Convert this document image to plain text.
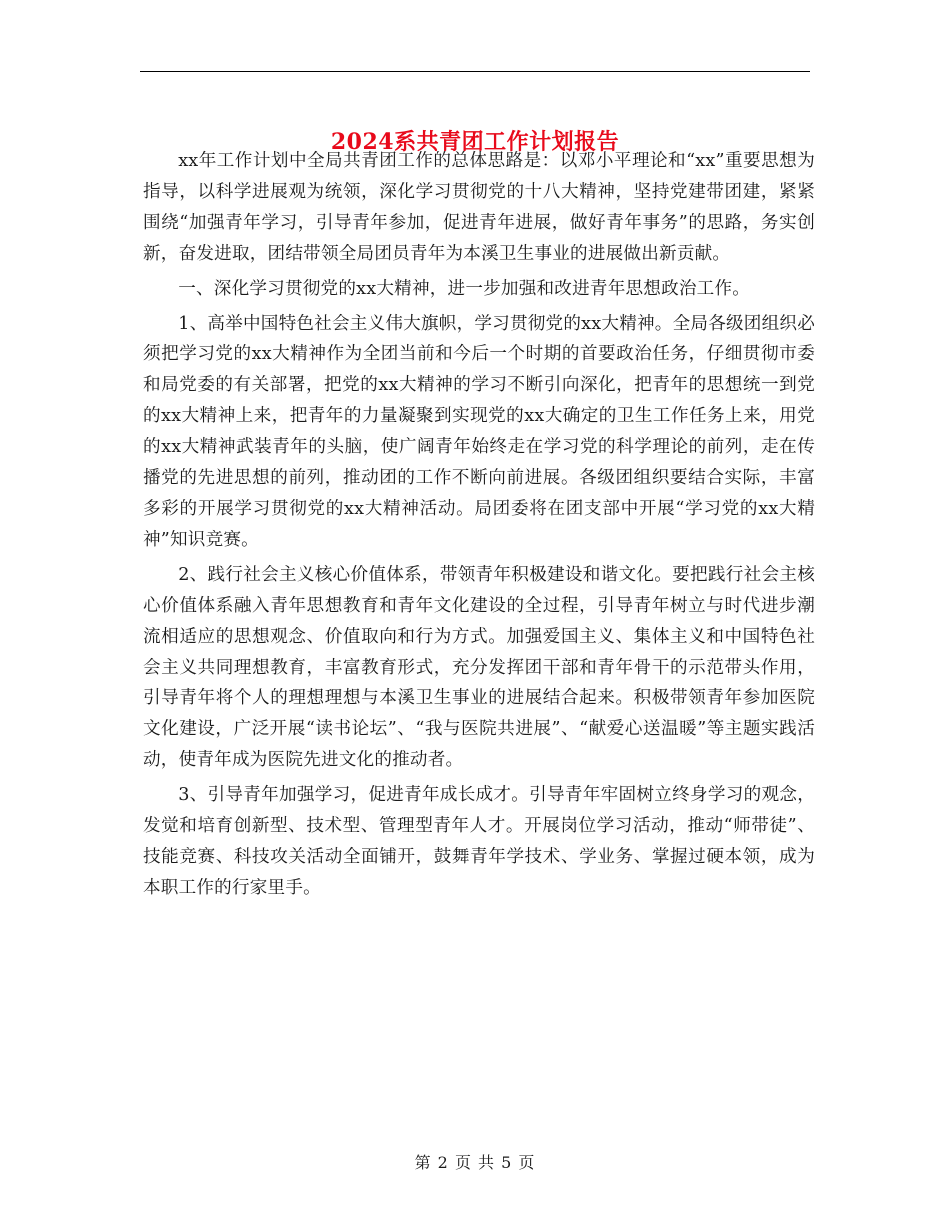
2024系共青团工作计划报告

xx年工作计划中全局共青团工作的总体思路是：以邓小平理论和“xx”重要思想为指导，以科学进展观为统领，深化学习贯彻党的十八大精神，坚持党建带团建，紧紧围绕“加强青年学习，引导青年参加，促进青年进展，做好青年事务”的思路，务实创新，奋发进取，团结带领全局团员青年为本溪卫生事业的进展做出新贡献。

一、深化学习贯彻党的xx大精神，进一步加强和改进青年思想政治工作。

1、高举中国特色社会主义伟大旗帜，学习贯彻党的xx大精神。全局各级团组织必须把学习党的xx大精神作为全团当前和今后一个时期的首要政治任务，仔细贯彻市委和局党委的有关部署，把党的xx大精神的学习不断引向深化，把青年的思想统一到党的xx大精神上来，把青年的力量凝聚到实现党的xx大确定的卫生工作任务上来，用党的xx大精神武装青年的头脑，使广阔青年始终走在学习党的科学理论的前列，走在传播党的先进思想的前列，推动团的工作不断向前进展。各级团组织要结合实际，丰富多彩的开展学习贯彻党的xx大精神活动。局团委将在团支部中开展“学习党的xx大精神”知识竞赛。

2、践行社会主义核心价值体系，带领青年积极建设和谐文化。要把践行社会主核心价值体系融入青年思想教育和青年文化建设的全过程，引导青年树立与时代进步潮流相适应的思想观念、价值取向和行为方式。加强爱国主义、集体主义和中国特色社会主义共同理想教育，丰富教育形式，充分发挥团干部和青年骨干的示范带头作用，引导青年将个人的理想理想与本溪卫生事业的进展结合起来。积极带领青年参加医院文化建设，广泛开展“读书论坛”、“我与医院共进展”、“献爱心送温暖”等主题实践活动，使青年成为医院先进文化的推动者。

3、引导青年加强学习，促进青年成长成才。引导青年牢固树立终身学习的观念，发觉和培育创新型、技术型、管理型青年人才。开展岗位学习活动，推动“师带徒”、技能竞赛、科技攻关活动全面铺开，鼓舞青年学技术、学业务、掌握过硬本领，成为本职工作的行家里手。

第 2 页 共 5 页
